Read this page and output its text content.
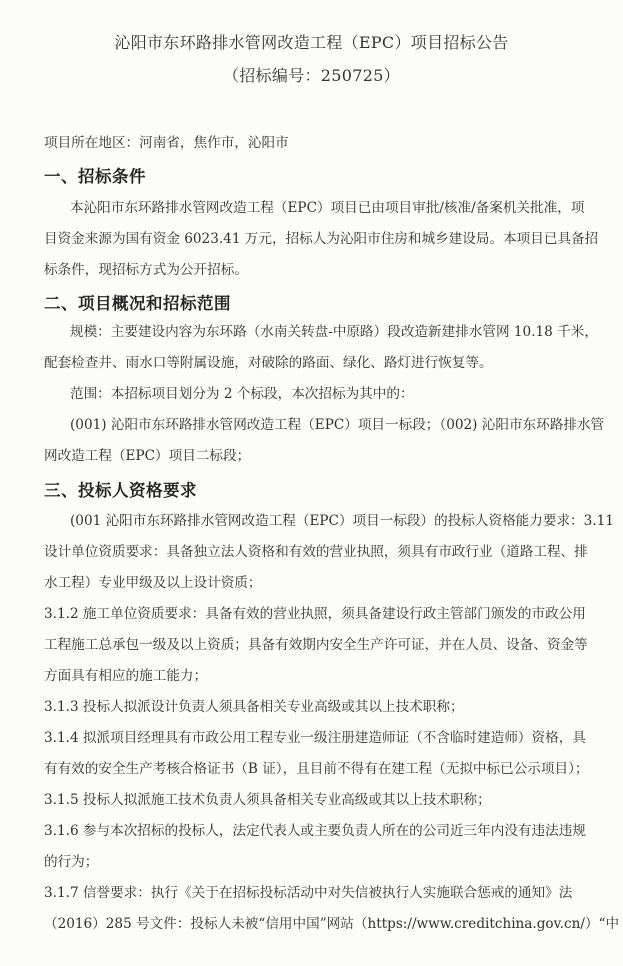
沁阳市东环路排水管网改造工程（EPC）项目招标公告
（招标编号：250725）
项目所在地区：河南省，焦作市，沁阳市
一、招标条件
本沁阳市东环路排水管网改造工程（EPC）项目已由项目审批/核准/备案机关批准，项
目资金来源为国有资金 6023.41 万元，招标人为沁阳市住房和城乡建设局。本项目已具备招
标条件，现招标方式为公开招标。
二、项目概况和招标范围
规模：主要建设内容为东环路（水南关转盘-中原路）段改造新建排水管网 10.18 千米，
配套检查井、雨水口等附属设施，对破除的路面、绿化、路灯进行恢复等。
范围：本招标项目划分为 2 个标段，本次招标为其中的：
(001) 沁阳市东环路排水管网改造工程（EPC）项目一标段；（002) 沁阳市东环路排水管
网改造工程（EPC）项目二标段；
三、投标人资格要求
(001 沁阳市东环路排水管网改造工程（EPC）项目一标段）的投标人资格能力要求：3.11
设计单位资质要求：具备独立法人资格和有效的营业执照，须具有市政行业（道路工程、排
水工程）专业甲级及以上设计资质；
3.1.2 施工单位资质要求：具备有效的营业执照，须具备建设行政主管部门颁发的市政公用
工程施工总承包一级及以上资质；具备有效期内安全生产许可证，并在人员、设备、资金等
方面具有相应的施工能力；
3.1.3 投标人拟派设计负责人须具备相关专业高级或其以上技术职称；
3.1.4 拟派项目经理具有市政公用工程专业一级注册建造师证（不含临时建造师）资格，具
有有效的安全生产考核合格证书（B 证），且目前不得有在建工程（无拟中标已公示项目）；
3.1.5 投标人拟派施工技术负责人须具备相关专业高级或其以上技术职称；
3.1.6 参与本次招标的投标人，法定代表人或主要负责人所在的公司近三年内没有违法违规
的行为；
3.1.7 信誉要求：执行《关于在招标投标活动中对失信被执行人实施联合惩戒的通知》法
（2016）285 号文件：投标人未被“信用中国”网站（https://www.creditchina.gov.cn/）“中
